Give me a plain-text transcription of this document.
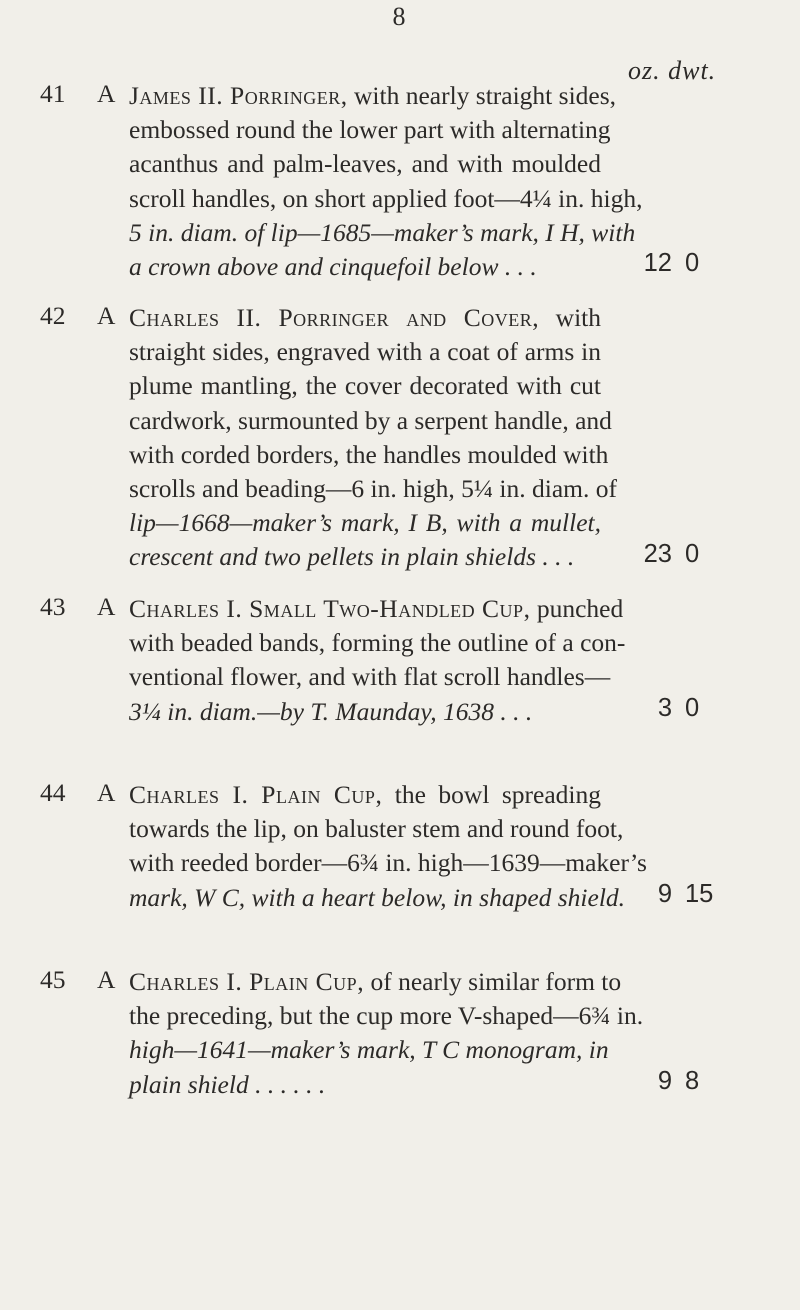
8
oz. dwt.
41 A James II. Porringer, with nearly straight sides,
embossed round the lower part with alternating
acanthus and palm-leaves, and with moulded
scroll handles, on short applied foot—4¼ in. high,
5 in. diam. of lip—1685—maker’s mark, I H, with
a crown above and cinquefoil below . . .	12 0
42 A Charles II. Porringer and Cover, with
straight sides, engraved with a coat of arms in
plume mantling, the cover decorated with cut
cardwork, surmounted by a serpent handle, and
with corded borders, the handles moulded with
scrolls and beading—6 in. high, 5¼ in. diam. of
lip—1668—maker’s mark, I B, with a mullet,
crescent and two pellets in plain shields . . .	23 0
43 A Charles I. Small Two-Handled Cup, punched
with beaded bands, forming the outline of a con-
ventional flower, and with flat scroll handles—
3¼ in. diam.—by T. Maunday, 1638 . . .	3 0
44 A Charles I. Plain Cup, the bowl spreading
towards the lip, on baluster stem and round foot,
with reeded border—6¾ in. high—1639—maker’s
mark, W C, with a heart below, in shaped shield.	9 15
45 A Charles I. Plain Cup, of nearly similar form to
the preceding, but the cup more V-shaped—6¾ in.
high—1641—maker’s mark, T C monogram, in
plain shield . . . . . .	9 8
